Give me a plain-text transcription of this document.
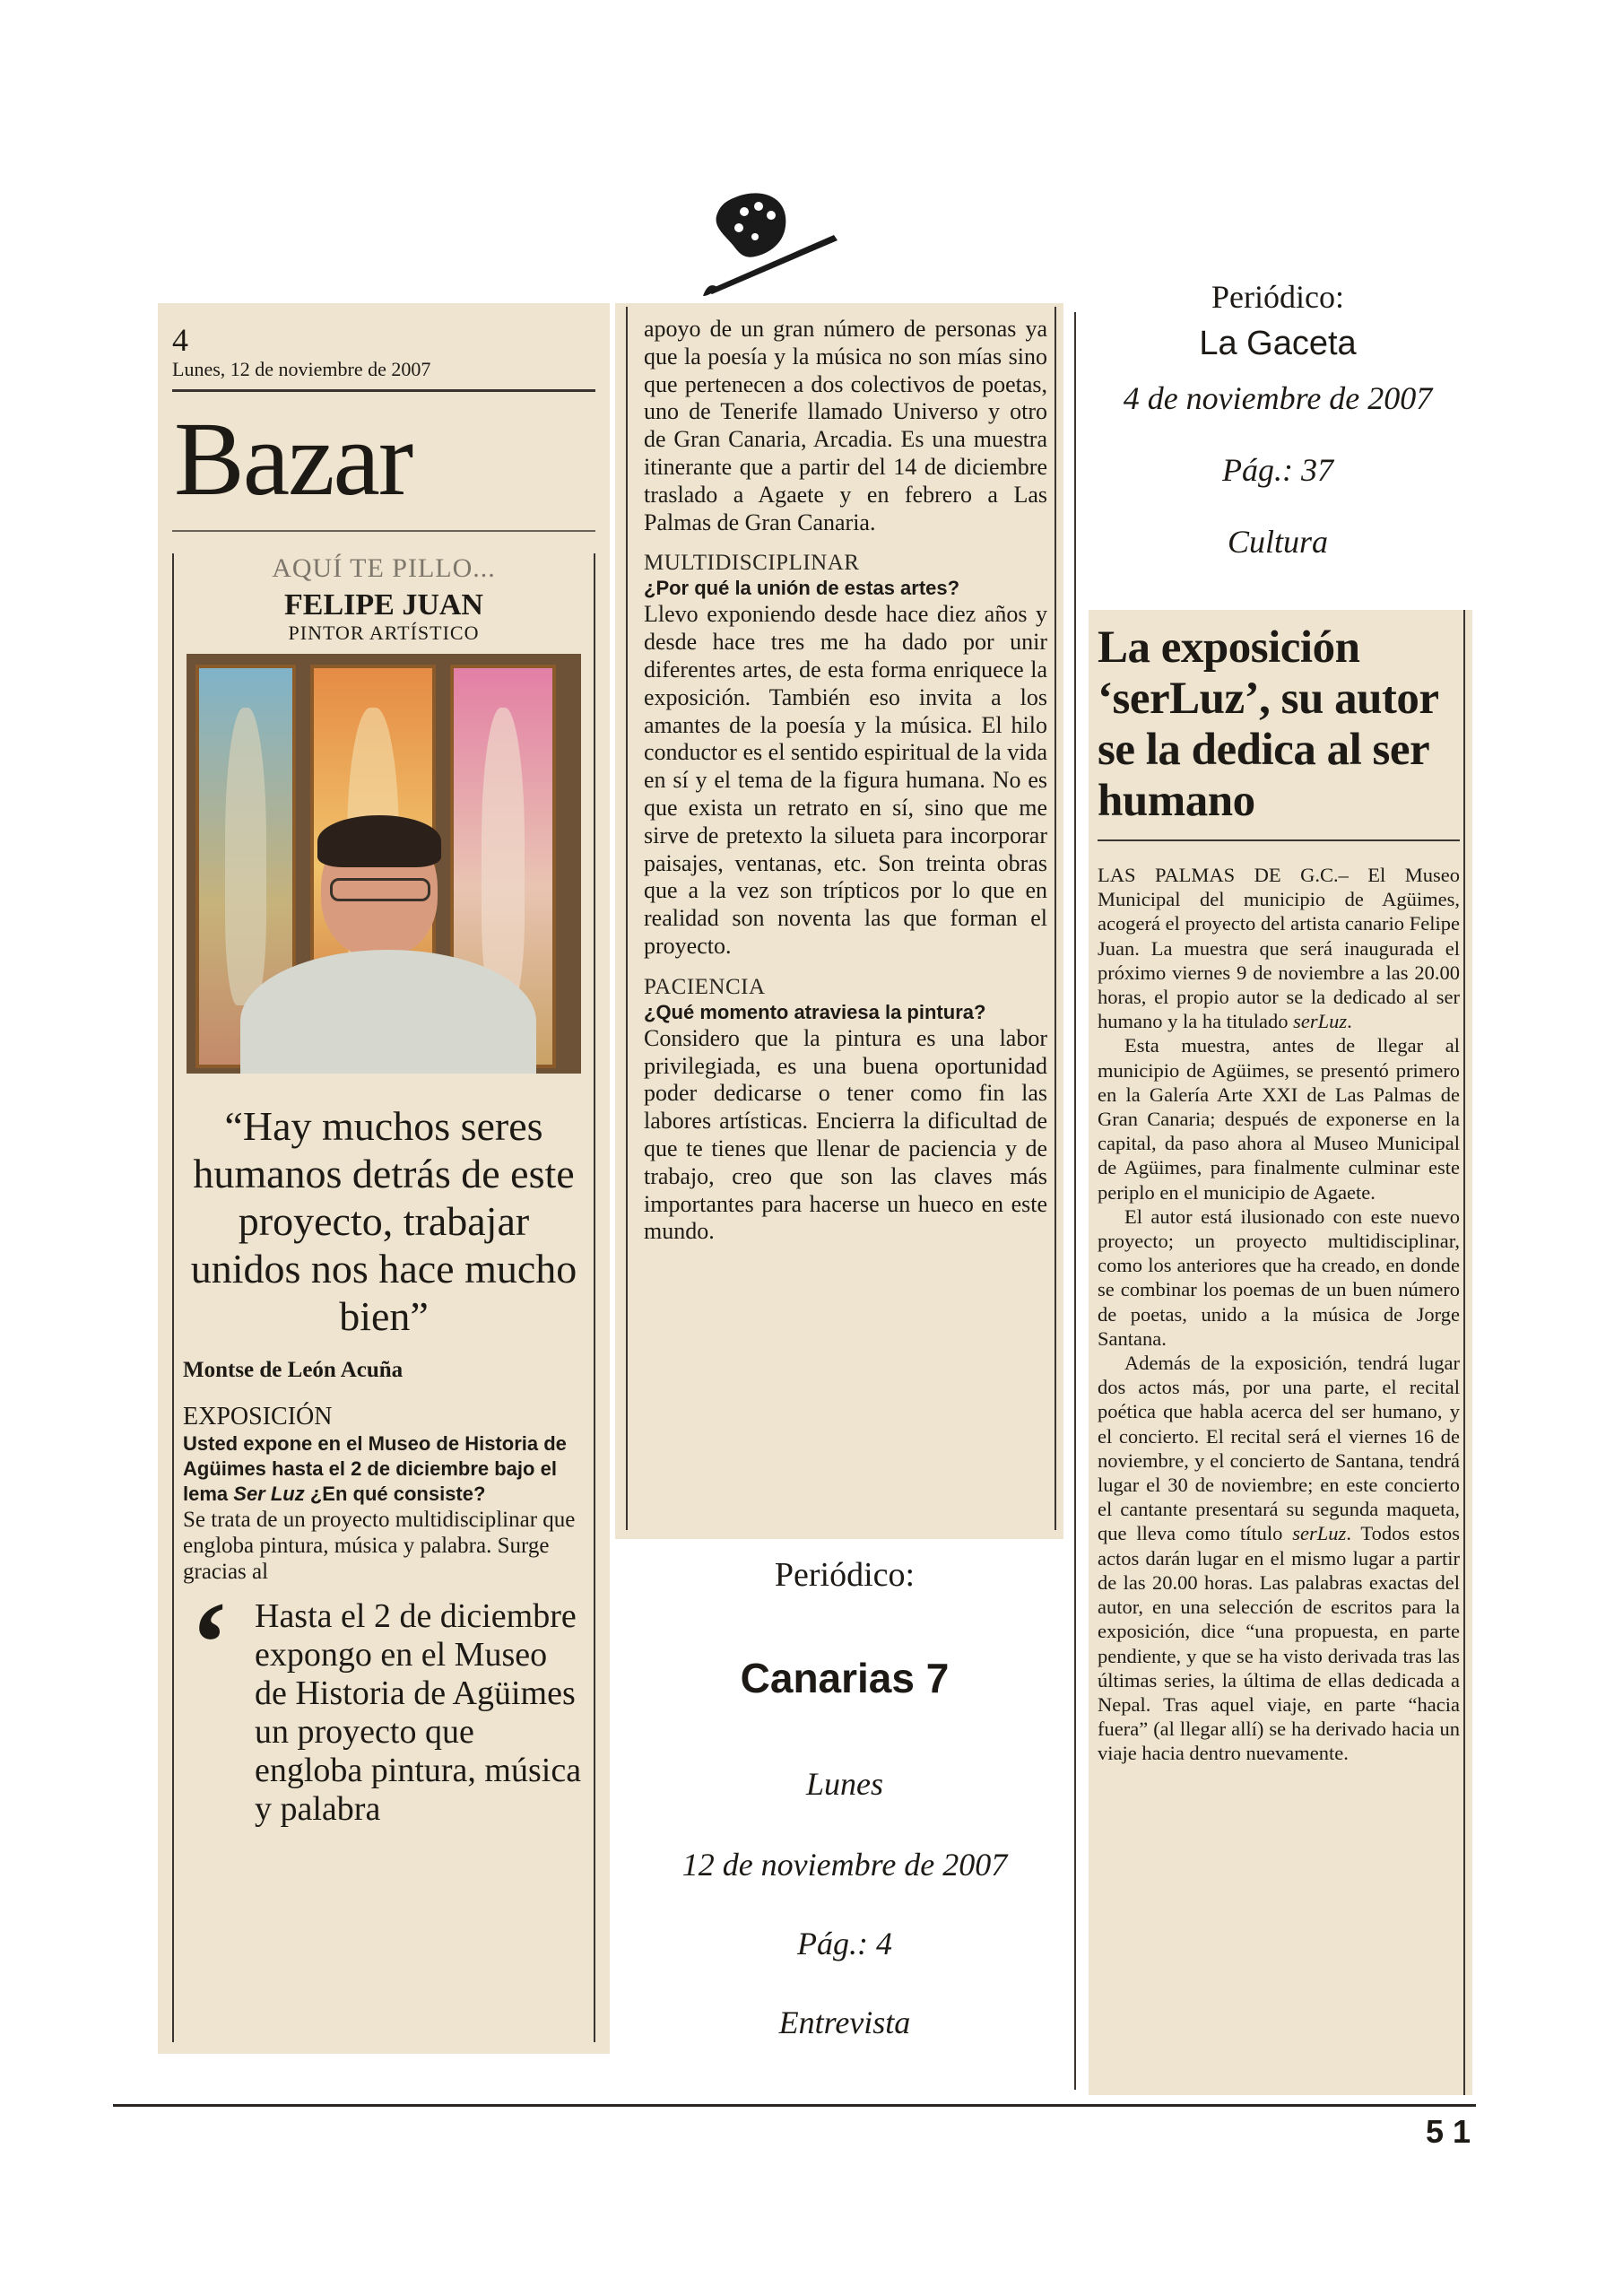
4
Lunes, 12 de noviembre de 2007
Bazar
AQUÍ TE PILLO...
FELIPE JUAN
PINTOR ARTÍSTICO
“Hay muchos seres humanos detrás de este proyecto, trabajar unidos nos hace mucho bien”
Montse de León Acuña
EXPOSICIÓN
Usted expone en el Museo de Historia de Agüimes hasta el 2 de diciembre bajo el lema Ser Luz ¿En qué consiste?
Se trata de un proyecto multidisciplinar que engloba pintura, música y palabra. Surge gracias al
‘ Hasta el 2 de diciembre expongo en el Museo de Historia de Agüimes un proyecto que engloba pintura, música y palabra
apoyo de un gran número de personas ya que la poesía y la música no son mías sino que pertenecen a dos colectivos de poetas, uno de Tenerife llamado Universo y otro de Gran Canaria, Arcadia. Es una muestra itinerante que a partir del 14 de diciembre traslado a Agaete y en febrero a Las Palmas de Gran Canaria.
MULTIDISCIPLINAR
¿Por qué la unión de estas artes?
Llevo exponiendo desde hace diez años y desde hace tres me ha dado por unir diferentes artes, de esta forma enriquece la exposición. También eso invita a los amantes de la poesía y la música. El hilo conductor es el sentido espiritual de la vida en sí y el tema de la figura humana. No es que exista un retrato en sí, sino que me sirve de pretexto la silueta para incorporar paisajes, ventanas, etc. Son treinta obras que a la vez son trípticos por lo que en realidad son noventa las que forman el proyecto.
PACIENCIA
¿Qué momento atraviesa la pintura?
Considero que la pintura es una labor privilegiada, es una buena oportunidad poder dedicarse o tener como fin las labores artísticas. Encierra la dificultad de que te tienes que llenar de paciencia y de trabajo, creo que son las claves más importantes para hacerse un hueco en este mundo.
Periódico:
Canarias 7
Lunes
12 de noviembre de 2007
Pág.: 4
Entrevista
Periódico:
La Gaceta
4 de noviembre de 2007
Pág.: 37
Cultura
La exposición ‘serLuz’, su autor se la dedica al ser humano
LAS PALMAS DE G.C.– El Museo Municipal del municipio de Agüimes, acogerá el proyecto del artista canario Felipe Juan. La muestra que será inaugurada el próximo viernes 9 de noviembre a las 20.00 horas, el propio autor se la dedicado al ser humano y la ha titulado serLuz.
Esta muestra, antes de llegar al municipio de Agüimes, se presentó primero en la Galería Arte XXI de Las Palmas de Gran Canaria; después de exponerse en la capital, da paso ahora al Museo Municipal de Agüimes, para finalmente culminar este periplo en el municipio de Agaete.
El autor está ilusionado con este nuevo proyecto; un proyecto multidisciplinar, como los anteriores que ha creado, en donde se combinar los poemas de un buen número de poetas, unido a la música de Jorge Santana.
Además de la exposición, tendrá lugar dos actos más, por una parte, el recital poética que habla acerca del ser humano, y el concierto. El recital será el viernes 16 de noviembre, y el concierto de Santana, tendrá lugar el 30 de noviembre; en este concierto el cantante presentará su segunda maqueta, que lleva como título serLuz. Todos estos actos darán lugar en el mismo lugar a partir de las 20.00 horas. Las palabras exactas del autor, en una selección de escritos para la exposición, dice “una propuesta, en parte pendiente, y que se ha visto derivada tras las últimas series, la última de ellas dedicada a Nepal. Tras aquel viaje, en parte “hacia fuera” (al llegar allí) se ha derivado hacia un viaje hacia dentro nuevamente.
5 1
